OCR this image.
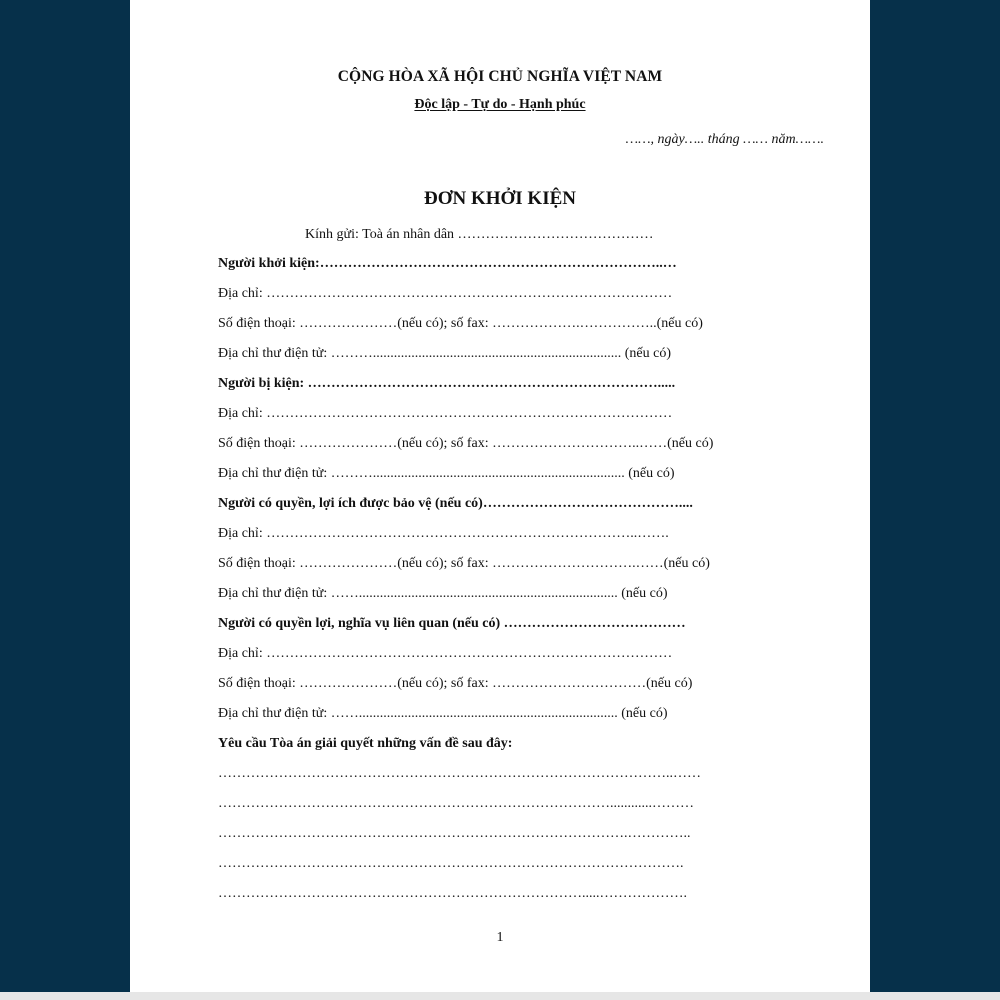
CỘNG HÒA XÃ HỘI CHỦ NGHĨA VIỆT NAM
Độc lập - Tự do - Hạnh phúc
……, ngày….. tháng …… năm…….
ĐƠN KHỞI KIỆN
Kính gửi: Toà án nhân dân ……………………………………
Người khởi kiện:………………………………………………………………..…
Địa chỉ: ……………………………………………………………………………
Số điện thoại: …………………(nếu có); số fax: ……………….……………..(nếu có)
Địa chỉ thư điện tử: ………....................................................................... (nếu có)
Người bị kiện: ………………………………………………………………….....
Địa chỉ: ……………………………………………………………………………
Số điện thoại: …………………(nếu có); số fax: …………………………..……(nếu có)
Địa chỉ thư điện tử: ………........................................................................ (nếu có)
Người có quyền, lợi ích được bảo vệ (nếu có)……………………………………....
Địa chỉ: ……………………………………………………………………..…….
Số điện thoại: …………………(nếu có); số fax: ………………………….……(nếu có)
Địa chỉ thư điện tử: …….......................................................................... (nếu có)
Người có quyền lợi, nghĩa vụ liên quan (nếu có) …………………………………
Địa chỉ: ……………………………………………………………………………
Số điện thoại: …………………(nếu có); số fax: ……………………………(nếu có)
Địa chỉ thư điện tử: …….......................................................................... (nếu có)
Yêu cầu Tòa án giải quyết những vấn đề sau đây:
……………………………………………………………………………………..……
…………………………………………………………………………............………
…………………………………………………………………………….…………..
……………………………………………………………………………………….
…………………………………………………………………….....……………….
1
